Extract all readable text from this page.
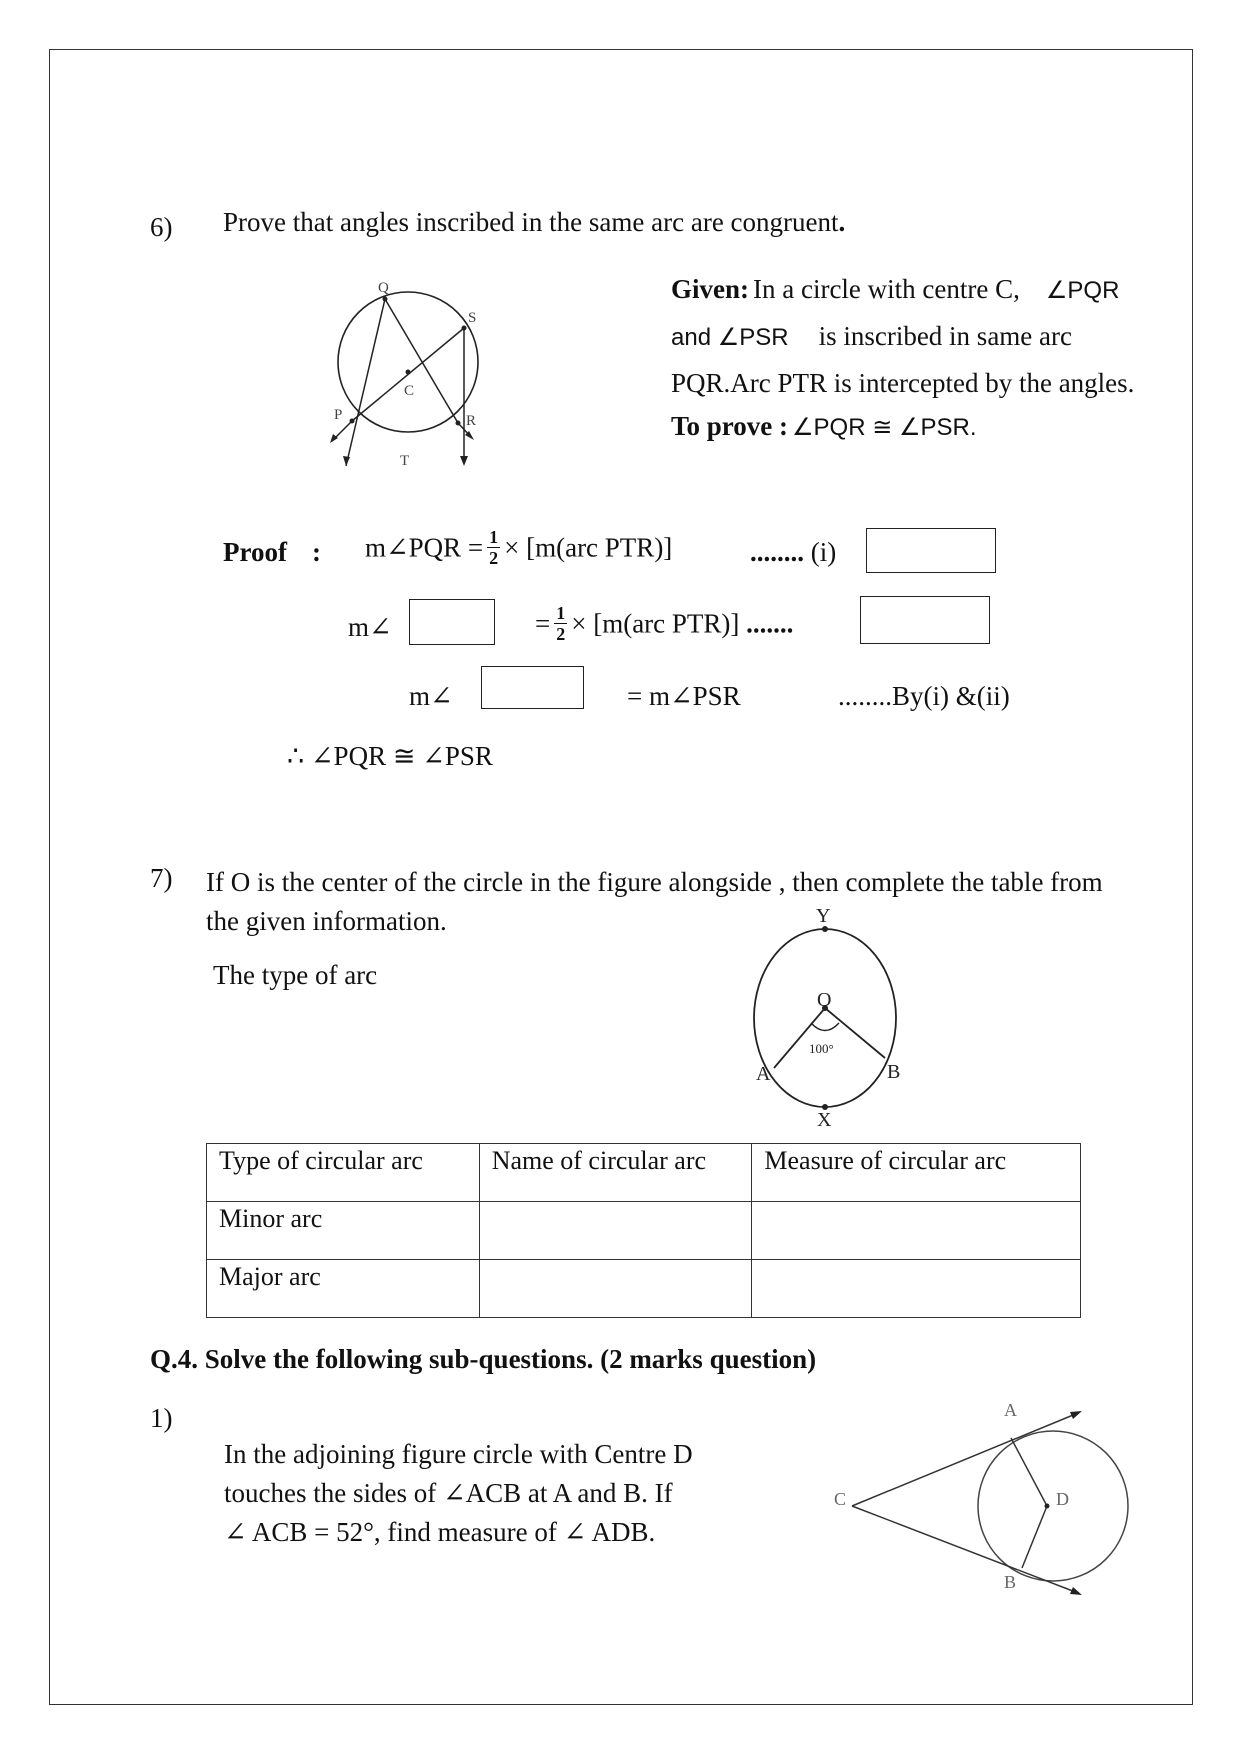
6) Prove that angles inscribed in the same arc are congruent.
Q
S
C
P	R
T
Given: In a circle with centre C, ∠PQR
and ∠PSR is inscribed in same arc
PQR.Arc PTR is intercepted by the angles.
To prove : ∠PQR ≅ ∠PSR.
Proof : m∠PQR = $\frac{1}{2} \times [m(arc$ PTR)]	........ (i)
m∠	= $\frac{1}{2} \times [m(arc$ PTR)] .......
m∠	= m∠PSR	........By(i) &(ii)
∴ ∠PQR ≅ ∠PSR
7) If O is the center of the circle in the figure alongside , then complete the table from
the given information.
The type of arc
Y
O
100°
A	B
X
Type of circular arc	Name of circular arc	Measure of circular arc
Minor arc		
Major arc		
Q.4. Solve the following sub-questions. (2 marks question)
1)
In the adjoining figure circle with Centre D
touches the sides of ∠ACB at A and B. If
∠ ACB = 52°, find measure of ∠ ADB.
A
C	D
B
